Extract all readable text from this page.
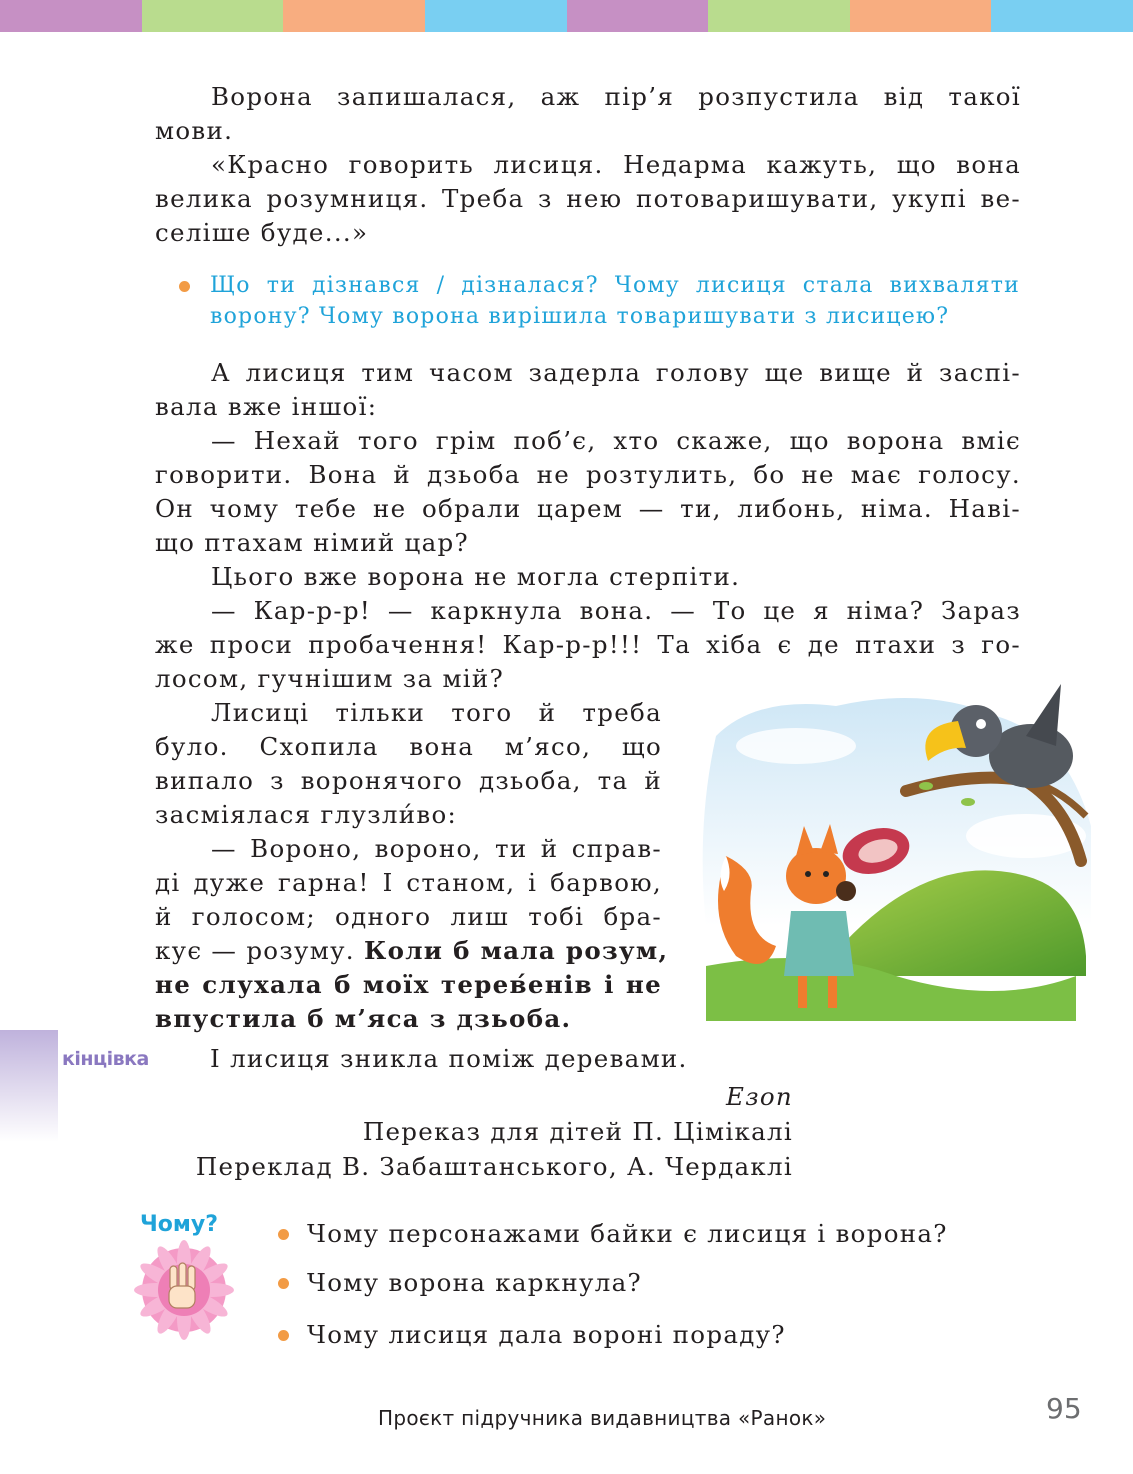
Ворона запишалася, аж пір’я розпустила від такої
мови.
«Красно говорить лисиця. Недарма кажуть, що вона
велика розумниця. Треба з нею потоваришувати, укупі ве-
селіше буде...»
Що ти дізнався / дізналася? Чому лисиця стала вихваляти
ворону? Чому ворона вирішила товаришувати з лисицею?
А лисиця тим часом задерла голову ще вище й заспі-
вала вже іншої:
— Нехай того грім поб’є, хто скаже, що ворона вміє
говорити. Вона й дзьоба не розтулить, бо не має голосу.
Он чому тебе не обрали царем — ти, либонь, німа. Наві-
що птахам німий цар?
Цього вже ворона не могла стерпіти.
— Кар-р-р! — каркнула вона. — То це я німа? Зараз
же проси пробачення! Кар-р-р!!! Та хіба є де птахи з го-
лосом, гучнішим за мій?
Лисиці тільки того й треба
було. Схопила вона м’ясо, що
випало з воронячого дзьоба, та й
засміялася глузли́во:
— Вороно, вороно, ти й справ-
ді дуже гарна! І станом, і барвою,
й голосом; одного лиш тобі бра-
кує — розуму. Коли б мала розум,
не слухала б моїх терев́енів і не
впустила б м’яса з дзьоба.
кінцівка І лисиця зникла поміж деревами.
Езоп
Переказ для дітей П. Цімікалі
Переклад В. Забаштанського, А. Чердаклі
Чому?	Чому персонажами байки є лисиця і ворона?
Чому ворона каркнула?
Чому лисиця дала вороні пораду?
Проєкт підручника видавництва «Ранок»	95
